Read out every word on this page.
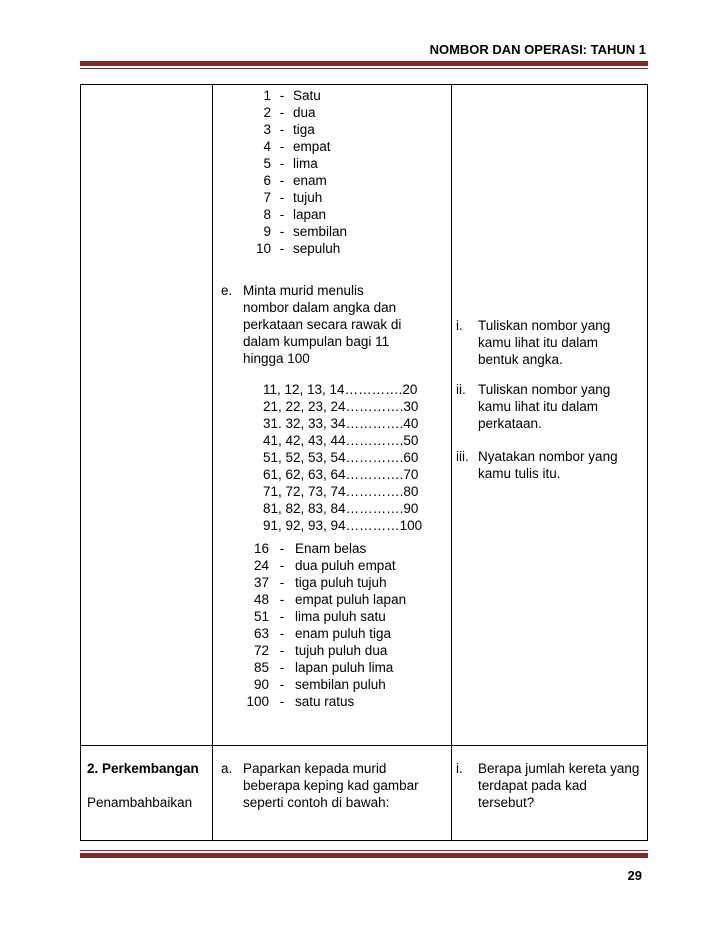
NOMBOR DAN OPERASI: TAHUN 1
1 - Satu
2 - dua
3 - tiga
4 - empat
5 - lima
6 - enam
7 - tujuh
8 - lapan
9 - sembilan
10 - sepuluh
e. Minta murid menulis
nombor dalam angka dan
perkataan secara rawak di
dalam kumpulan bagi 11
hingga 100
11, 12, 13, 14………….20
21, 22, 23, 24………….30
31. 32, 33, 34………….40
41, 42, 43, 44………….50
51, 52, 53, 54………….60
61, 62, 63, 64………….70
71, 72, 73, 74………….80
81, 82, 83, 84………….90
91, 92, 93, 94…………100
16 - Enam belas
24 - dua puluh empat
37 - tiga puluh tujuh
48 - empat puluh lapan
51 - lima puluh satu
63 - enam puluh tiga
72 - tujuh puluh dua
85 - lapan puluh lima
90 - sembilan puluh
100 - satu ratus
i. Tuliskan nombor yang
kamu lihat itu dalam
bentuk angka.
ii. Tuliskan nombor yang
kamu lihat itu dalam
perkataan.
iii. Nyatakan nombor yang
kamu tulis itu.
2. Perkembangan
Penambahbaikan
a. Paparkan kepada murid
beberapa keping kad gambar
seperti contoh di bawah:
i. Berapa jumlah kereta yang
terdapat pada kad
tersebut?
29
